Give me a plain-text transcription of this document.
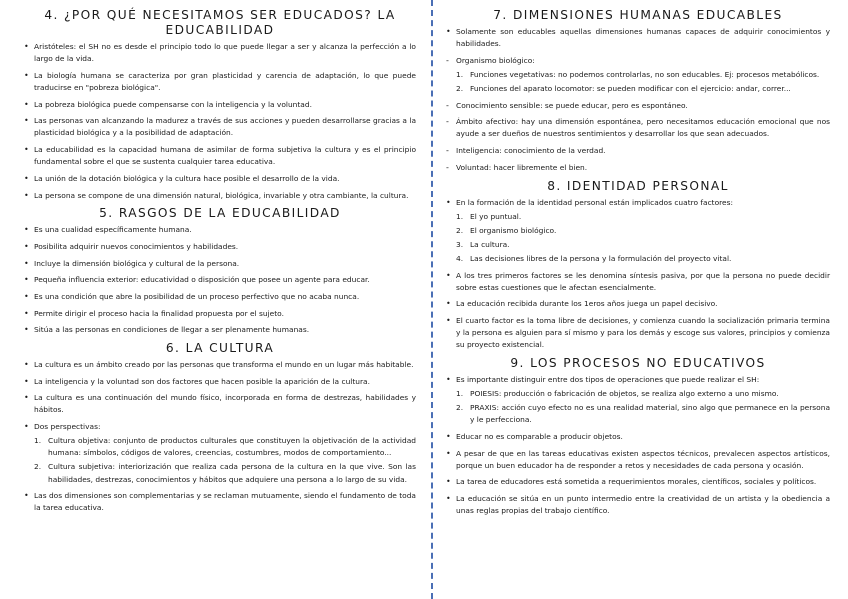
4. ¿POR QUÉ NECESITAMOS SER EDUCADOS? LA EDUCABILIDAD
• Aristóteles: el SH no es desde el principio todo lo que puede llegar a ser y alcanza la perfección a lo largo de la vida.
• La biología humana se caracteriza por gran plasticidad y carencia de adaptación, lo que puede traducirse en "pobreza biológica".
• La pobreza biológica puede compensarse con la inteligencia y la voluntad.
• Las personas van alcanzando la madurez a través de sus acciones y pueden desarrollarse gracias a la plasticidad biológica y a la posibilidad de adaptación.
• La educabilidad es la capacidad humana de asimilar de forma subjetiva la cultura y es el principio fundamental sobre el que se sustenta cualquier tarea educativa.
• La unión de la dotación biológica y la cultura hace posible el desarrollo de la vida.
• La persona se compone de una dimensión natural, biológica, invariable y otra cambiante, la cultura.
5. RASGOS DE LA EDUCABILIDAD
• Es una cualidad específicamente humana.
• Posibilita adquirir nuevos conocimientos y habilidades.
• Incluye la dimensión biológica y cultural de la persona.
• Pequeña influencia exterior: educatividad o disposición que posee un agente para educar.
• Es una condición que abre la posibilidad de un proceso perfectivo que no acaba nunca.
• Permite dirigir el proceso hacia la finalidad propuesta por el sujeto.
• Sitúa a las personas en condiciones de llegar a ser plenamente humanas.
6. LA CULTURA
• La cultura es un ámbito creado por las personas que transforma el mundo en un lugar más habitable.
• La inteligencia y la voluntad son dos factores que hacen posible la aparición de la cultura.
• La cultura es una continuación del mundo físico, incorporada en forma de destrezas, habilidades y hábitos.
• Dos perspectivas:
1. Cultura objetiva: conjunto de productos culturales que constituyen la objetivación de la actividad humana: símbolos, códigos de valores, creencias, costumbres, modos de comportamiento...
2. Cultura subjetiva: interiorización que realiza cada persona de la cultura en la que vive. Son las habilidades, destrezas, conocimientos y hábitos que adquiere una persona a lo largo de su vida.
• Las dos dimensiones son complementarias y se reclaman mutuamente, siendo el fundamento de toda la tarea educativa.
7. DIMENSIONES HUMANAS EDUCABLES
• Solamente son educables aquellas dimensiones humanas capaces de adquirir conocimientos y habilidades.
- Organismo biológico:
1. Funciones vegetativas: no podemos controlarlas, no son educables. Ej: procesos metabólicos.
2. Funciones del aparato locomotor: se pueden modificar con el ejercicio: andar, correr...
- Conocimiento sensible: se puede educar, pero es espontáneo.
- Ámbito afectivo: hay una dimensión espontánea, pero necesitamos educación emocional que nos ayude a ser dueños de nuestros sentimientos y desarrollar los que sean adecuados.
- Inteligencia: conocimiento de la verdad.
- Voluntad: hacer libremente el bien.
8. IDENTIDAD PERSONAL
• En la formación de la identidad personal están implicados cuatro factores:
1. El yo puntual.
2. El organismo biológico.
3. La cultura.
4. Las decisiones libres de la persona y la formulación del proyecto vital.
• A los tres primeros factores se les denomina síntesis pasiva, por que la persona no puede decidir sobre estas cuestiones que le afectan esencialmente.
• La educación recibida durante los 1eros años juega un papel decisivo.
• El cuarto factor es la toma libre de decisiones, y comienza cuando la socialización primaria termina y la persona es alguien para sí mismo y para los demás y escoge sus valores, principios y comienza su proyecto existencial.
9. LOS PROCESOS NO EDUCATIVOS
• Es importante distinguir entre dos tipos de operaciones que puede realizar el SH:
1. POIESIS: producción o fabricación de objetos, se realiza algo externo a uno mismo.
2. PRAXIS: acción cuyo efecto no es una realidad material, sino algo que permanece en la persona y le perfecciona.
• Educar no es comparable a producir objetos.
• A pesar de que en las tareas educativas existen aspectos técnicos, prevalecen aspectos artísticos, porque un buen educador ha de responder a retos y necesidades de cada persona y ocasión.
• La tarea de educadores está sometida a requerimientos morales, científicos, sociales y políticos.
• La educación se sitúa en un punto intermedio entre la creatividad de un artista y la obediencia a unas reglas propias del trabajo científico.
